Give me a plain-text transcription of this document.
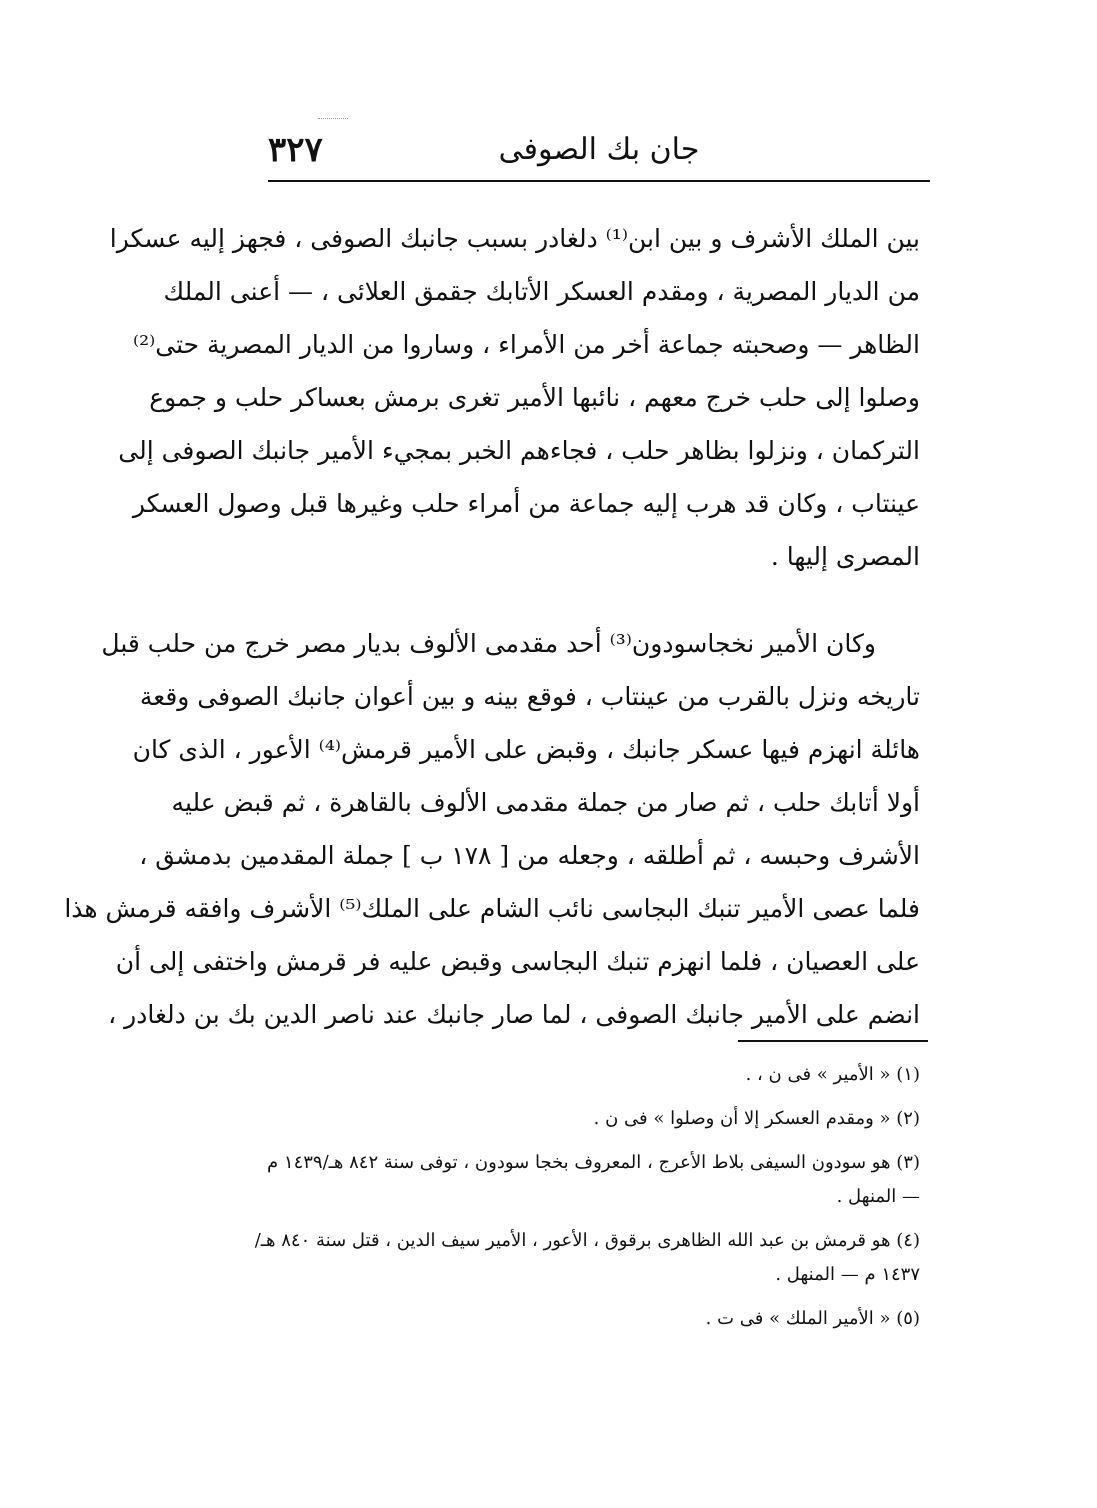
٣٢٧	جان بك الصوفى
بين الملك الأشرف و بين ابن⁽¹⁾ دلغادر بسبب جانبك الصوفى ، فجهز إليه عسكرا
من الديار المصرية ، ومقدم العسكر الأتابك جقمق العلائى ، — أعنى الملك
الظاهر — وصحبته جماعة أخر من الأمراء ، وساروا من الديار المصرية حتى⁽²⁾
وصلوا إلى حلب خرج معهم ، نائبها الأمير تغرى برمش بعساكر حلب و جموع
التركمان ، ونزلوا بظاهر حلب ، فجاءهم الخبر بمجيء الأمير جانبك الصوفى إلى
عينتاب ، وكان قد هرب إليه جماعة من أمراء حلب وغيرها قبل وصول العسكر
المصرى إليها .
وكان الأمير نخجاسودون⁽³⁾ أحد مقدمى الألوف بديار مصر خرج من حلب قبل
تاريخه ونزل بالقرب من عينتاب ، فوقع بينه و بين أعوان جانبك الصوفى وقعة
هائلة انهزم فيها عسكر جانبك ، وقبض على الأمير قرمش⁽⁴⁾ الأعور ، الذى كان
أولا أتابك حلب ، ثم صار من جملة مقدمى الألوف بالقاهرة ، ثم قبض عليه
الأشرف وحبسه ، ثم أطلقه ، وجعله من [ ١٧٨ ب ] جملة المقدمين بدمشق ،
فلما عصى الأمير تنبك البجاسى نائب الشام على الملك⁽⁵⁾ الأشرف وافقه قرمش هذا
على العصيان ، فلما انهزم تنبك البجاسى وقبض عليه فر قرمش واختفى إلى أن
انضم على الأمير جانبك الصوفى ، لما صار جانبك عند ناصر الدين بك بن دلغادر ،
(١) « الأمير » فى ن ، .
(٢) « ومقدم العسكر إلا أن وصلوا » فى ن .
(٣) هو سودون السيفى بلاط الأعرج ، المعروف بخجا سودون ، توفى سنة ٨٤٢ هـ/١٤٣٩ م
— المنهل .
(٤) هو قرمش بن عبد الله الظاهرى برقوق ، الأعور ، الأمير سيف الدين ، قتل سنة ٨٤٠ هـ/
١٤٣٧ م — المنهل .
(٥) « الأمير الملك » فى ت .
